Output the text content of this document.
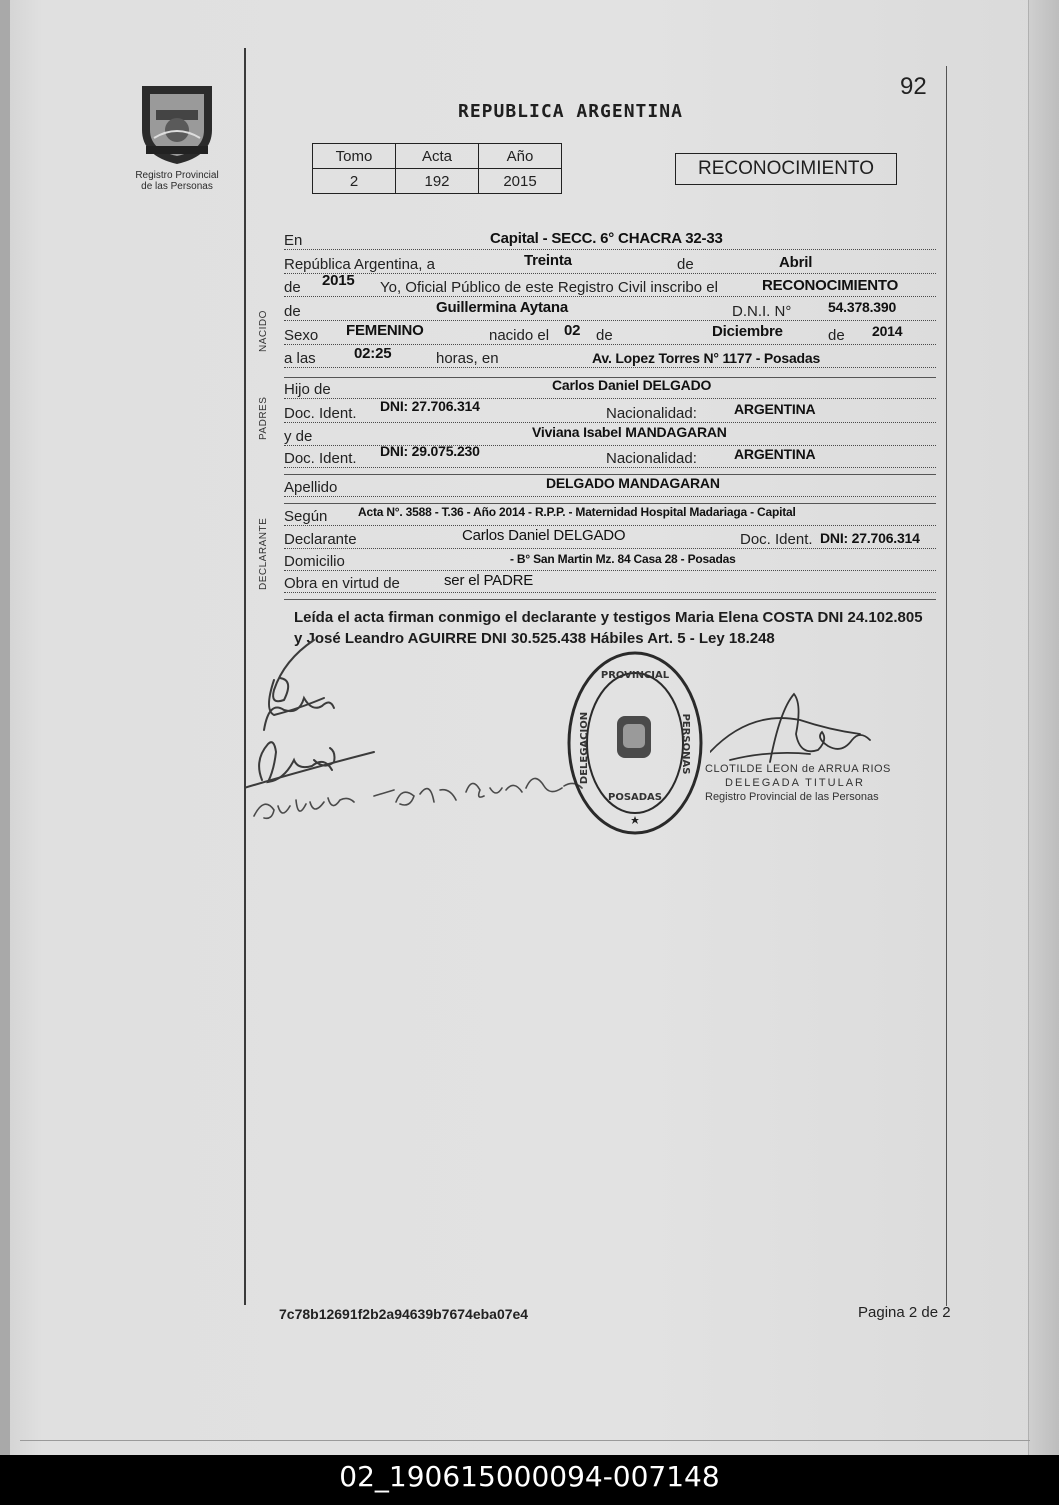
Registro Provincial
de las Personas
92
REPUBLICA ARGENTINA
Tomo	Acta	Año
2	192	2015
RECONOCIMIENTO
NACIDO
PADRES
DECLARANTE
En	Capital - SECC. 6° CHACRA 32-33
República Argentina, a	Treinta	de	Abril
de 2015 Yo, Oficial Público de este Registro Civil inscribo el	RECONOCIMIENTO
de	Guillermina Aytana	D.N.I. N°	54.378.390
Sexo FEMENINO	nacido el 02 de	Diciembre	de 2014
a las	02:25	horas, en	Av. Lopez Torres N° 1177 - Posadas
Hijo de	Carlos Daniel DELGADO
Doc. Ident. DNI: 27.706.314	Nacionalidad:	ARGENTINA
y de	Viviana Isabel MANDAGARAN
Doc. Ident. DNI: 29.075.230	Nacionalidad:	ARGENTINA
Apellido	DELGADO MANDAGARAN
Según	Acta N°. 3588 - T.36 - Año 2014 - R.P.P. - Maternidad Hospital Madariaga - Capital
Declarante	Carlos Daniel DELGADO	Doc. Ident. DNI: 27.706.314
Domicilio	- B° San Martin Mz. 84 Casa 28 - Posadas
Obra en virtud de	ser el PADRE
Leída el acta firman conmigo el declarante y testigos Maria Elena COSTA DNI 24.102.805 y José Leandro AGUIRRE DNI 30.525.438 Hábiles Art. 5 - Ley 18.248
PROVINCIAL
DELEGACION	PERSONAS
POSADAS
CLOTILDE LEON de ARRUA RIOS
DELEGADA TITULAR
Registro Provincial de las Personas
7c78b12691f2b2a94639b7674eba07e4	Pagina 2 de 2
02_190615000094-007148
